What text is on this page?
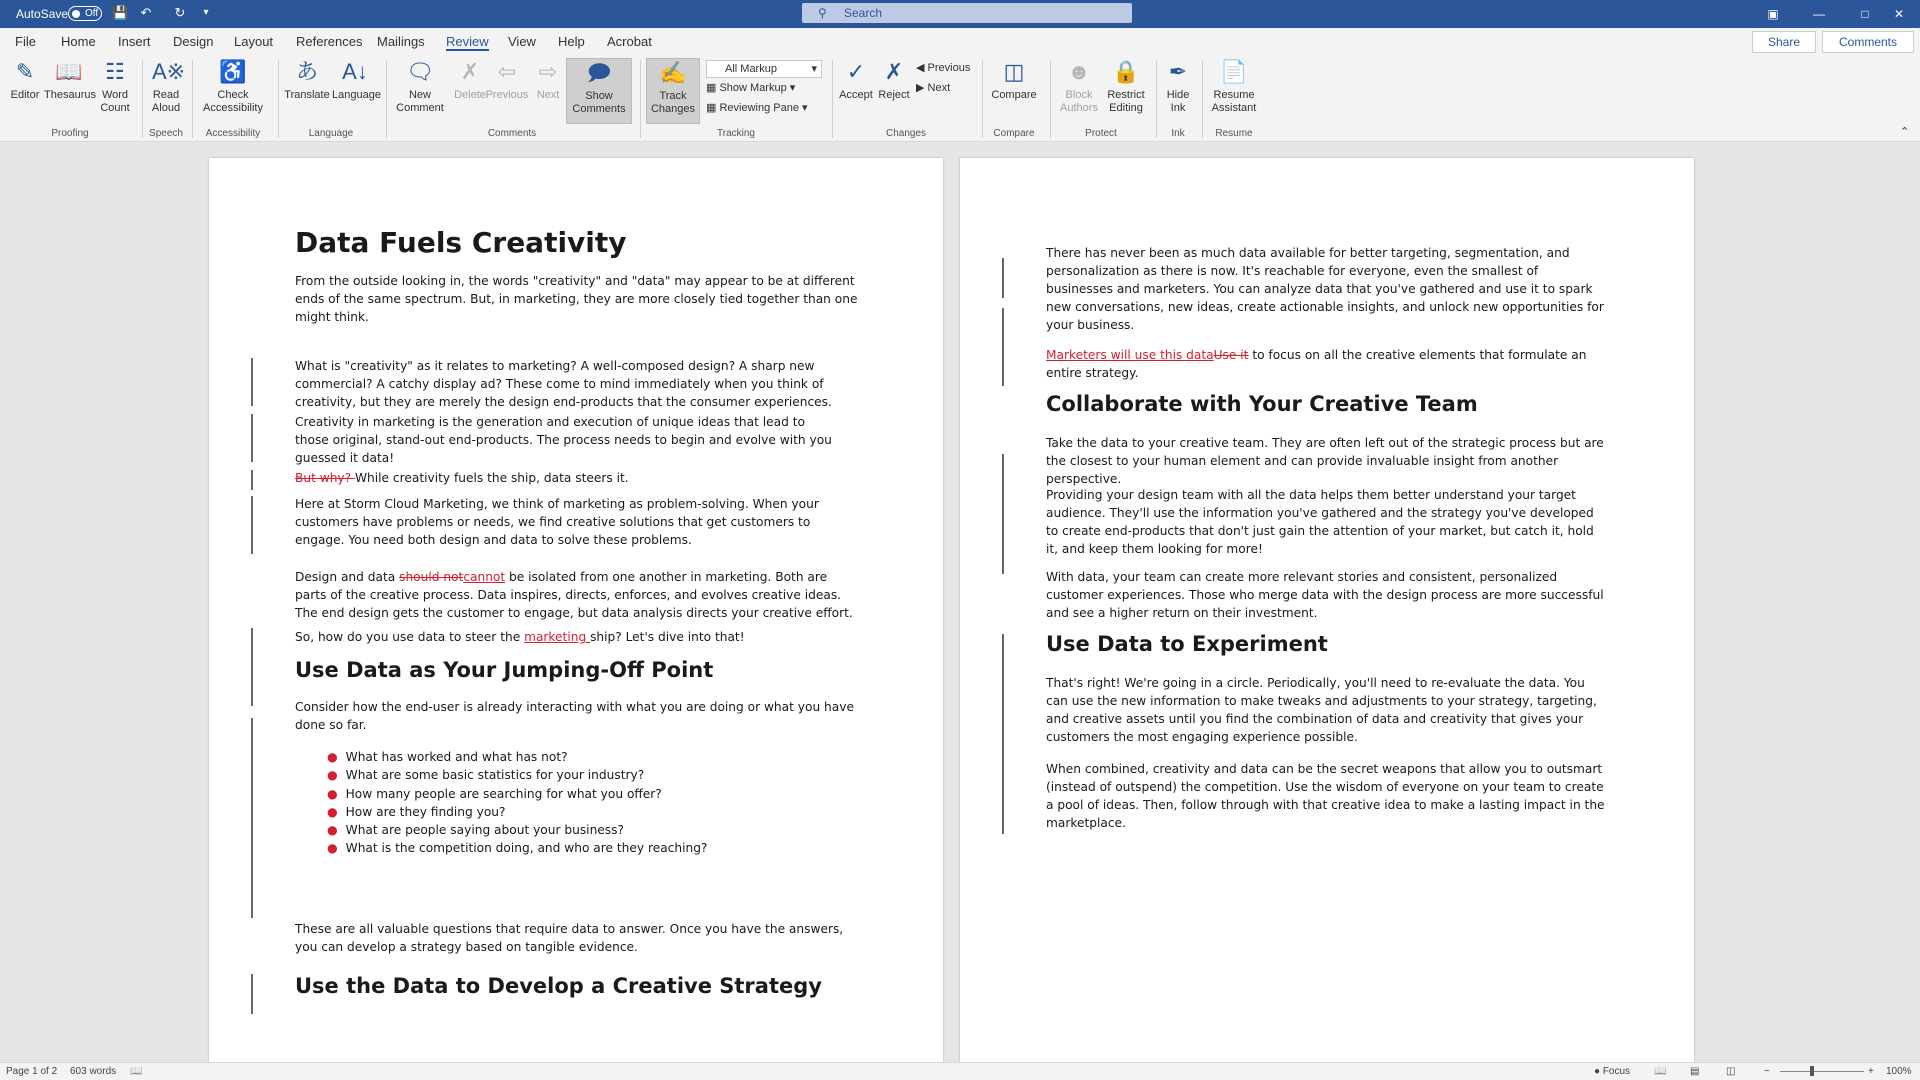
AutoSave	Off 💾 ↶ ↻	▾	⚲ Search	▣	—	□	✕
File Home Insert Design Layout References Mailings Review View Help Acrobat	Share	Comments
✎
Editor
📖
Thesaurus
☷
Word Count
Proofing
A※
Read Aloud
Speech
♿
Check Accessibility
Accessibility
あ
Translate
A↓
Language
Language
🗨
New Comment
✗
Delete
⇦
Previous
⇨
Next
🗩
Show Comments
Comments
✍
Track Changes
All Markup	▾
▦ Show Markup ▾
▦ Reviewing Pane ▾
Tracking
✓
Accept
✗
Reject
◀ Previous
▶ Next
Changes
◫
Compare
Compare
☻
Block Authors
🔒
Restrict Editing
Protect
✒
Hide Ink
Ink
📄
Resume Assistant
Resume	⌃
Data Fuels Creativity
From the outside looking in, the words "creativity" and "data" may appear to be at different ends of the same spectrum. But, in marketing, they are more closely tied together than one might think.
What is "creativity" as it relates to marketing? A well-composed design? A sharp new commercial? A catchy display ad? These come to mind immediately when you think of creativity, but they are merely the design end-products that the consumer experiences.
Creativity in marketing is the generation and execution of unique ideas that lead to those original, stand-out end-products. The process needs to begin and evolve with you guessed it data!
But why? While creativity fuels the ship, data steers it.
Here at Storm Cloud Marketing, we think of marketing as problem-solving. When your customers have problems or needs, we find creative solutions that get customers to engage. You need both design and data to solve these problems.
Design and data should notcannot be isolated from one another in marketing. Both are parts of the creative process. Data inspires, directs, enforces, and evolves creative ideas. The end design gets the customer to engage, but data analysis directs your creative effort.
So, how do you use data to steer the marketing ship? Let's dive into that!
Use Data as Your Jumping-Off Point
Consider how the end-user is already interacting with what you are doing or what you have done so far.
● What has worked and what has not?
● What are some basic statistics for your industry?
● How many people are searching for what you offer?
● How are they finding you?
● What are people saying about your business?
● What is the competition doing, and who are they reaching?
These are all valuable questions that require data to answer. Once you have the answers, you can develop a strategy based on tangible evidence.
Use the Data to Develop a Creative Strategy
There has never been as much data available for better targeting, segmentation, and personalization as there is now. It's reachable for everyone, even the smallest of businesses and marketers. You can analyze data that you've gathered and use it to spark new conversations, new ideas, create actionable insights, and unlock new opportunities for your business.
Marketers will use this dataUse it to focus on all the creative elements that formulate an entire strategy.
Collaborate with Your Creative Team
Take the data to your creative team. They are often left out of the strategic process but are the closest to your human element and can provide invaluable insight from another perspective.
Providing your design team with all the data helps them better understand your target audience. They'll use the information you've gathered and the strategy you've developed to create end-products that don't just gain the attention of your market, but catch it, hold it, and keep them looking for more!
With data, your team can create more relevant stories and consistent, personalized customer experiences. Those who merge data with the design process are more successful and see a higher return on their investment.
Use Data to Experiment
That's right! We're going in a circle. Periodically, you'll need to re-evaluate the data. You can use the new information to make tweaks and adjustments to your strategy, targeting, and creative assets until you find the combination of data and creativity that gives your customers the most engaging experience possible.
When combined, creativity and data can be the secret weapons that allow you to outsmart (instead of outspend) the competition. Use the wisdom of everyone on your team to create a pool of ideas. Then, follow through with that creative idea to make a lasting impact in the marketplace.
Page 1 of 2 603 words 📖	● Focus 📖 ▤	◫	−	+ 100%
